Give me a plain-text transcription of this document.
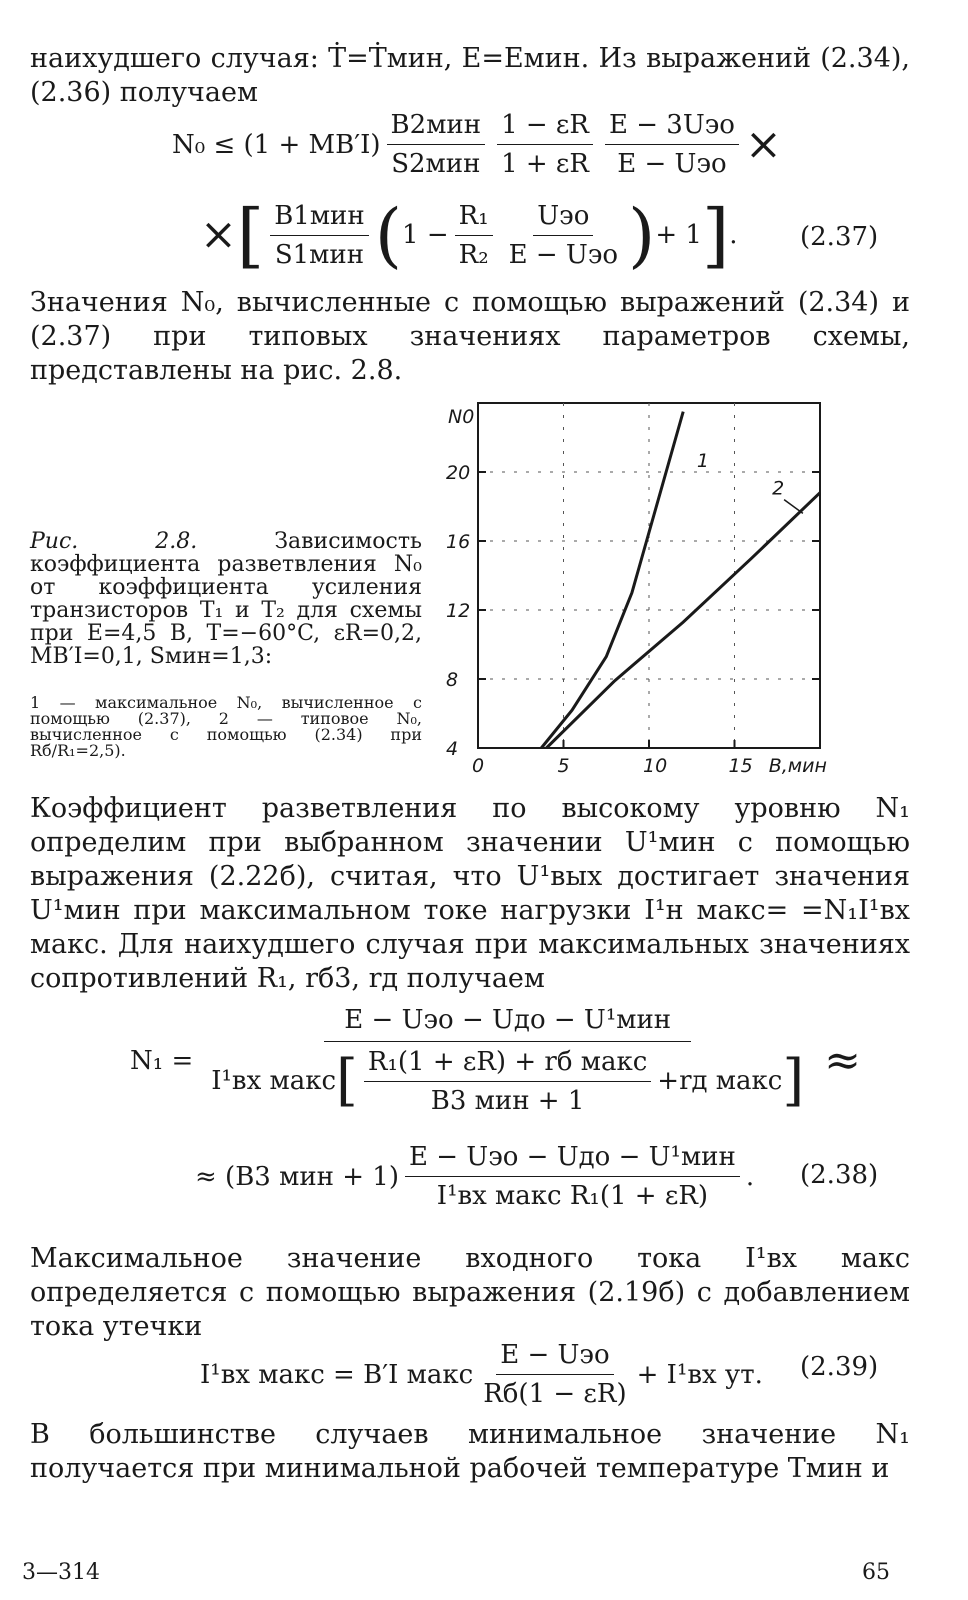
наихудшего случая: Ṫ=Ṫмин, E=Eмин. Из выражений (2.34), (2.36) получаем

$N_0 \le (1 + MB'I) \frac{\text{B2мин}}{\text{S2мин}} \frac{1 - \varepsilon R}{1 + \varepsilon R} \frac{\text{E − 3Uэо}}{\text{E − Uэо}}$ ×
× [ $\frac{\text{B1мин}}{\text{S1мин}}$ ( $1 - \frac{\text{R₁}}{\text{R₂}} \frac{\text{Uэо}}{\text{E − Uэо}}$ ) + 1 ] . (2.37)

Значения N₀, вычисленные с помощью выражений (2.34) и (2.37) при типовых значениях параметров схемы, представлены на рис. 2.8.

Рис. 2.8.	Зависимость коэффициента разветвления N₀ от коэффициента усиления транзисторов T₁ и T₂ для схемы при E=4,5 В, T=−60°C, εR=0,2, MB′I=0,1, Sмин=1,3:

1 — максимальное N₀, вычисленное с помощью (2.37), 2 — типовое N₀, вычисленное с помощью (2.34) при Rб/R₁=2,5).

0	5	10	15
4
8
12
16
20
N0
B,мин
1
2

Коэффициент разветвления по высокому уровню N₁ определим при выбранном значении U¹мин с помощью выражения (2.22б), считая, что U¹вых достигает значения U¹мин при максимальном токе нагрузки I¹н макс= =N₁I¹вх макс. Для наихудшего случая при максимальных значениях сопротивлений R₁, rб3, rд получаем

N₁ =
E − Uэо − Uдо − U¹мин
I¹вх макс [ $\frac{\text{R₁(1 + εR) + rб макс}}{\text{B3 мин + 1}} +rд$ макс ] ≈
≈ (B3 мин + $1) \frac{\text{E − Uэо − Uдо − U¹мин}}{\text{I¹вх макс R₁(1 + εR)}}$ . (2.38)

Максимальное значение входного тока I¹вх макс определяется с помощью выражения (2.19б) с добавлением тока утечки

I¹вх макс = B′I макс $\frac{\text{E − Uэо}}{Rб(1 - \varepsilon R)} + I^1вх$ ут. (2.39)

В большинстве случаев минимальное значение N₁ получается при минимальной рабочей температуре Tмин и

3—314	65
